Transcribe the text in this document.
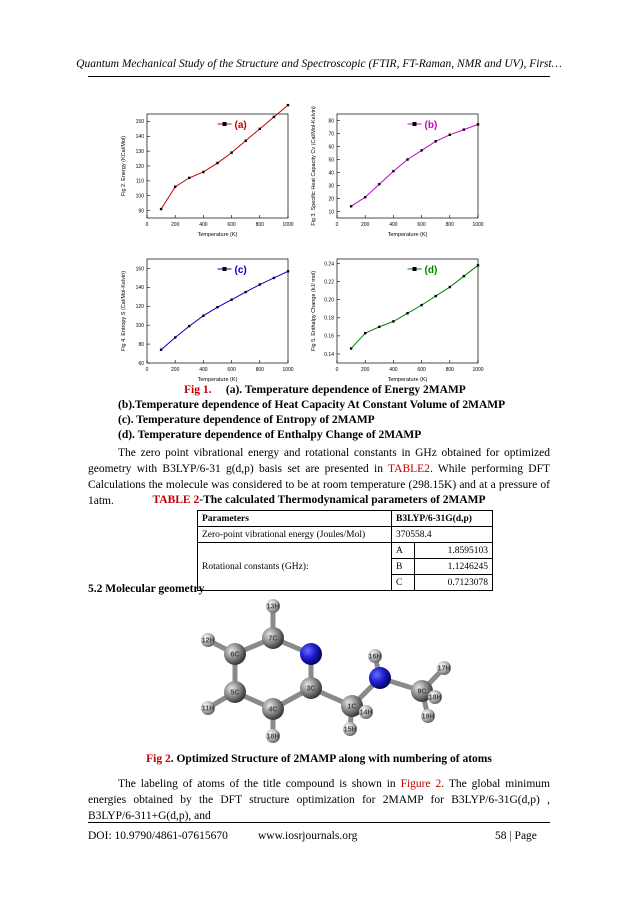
Quantum Mechanical Study of the Structure and Spectroscopic (FTIR, FT-Raman, NMR and UV), First…
0	200	400	600	800	1000
90
100
110
120
130
140
150
Temperature (K)
Fig 2. Energy (KCal/Mol)
(a)
0	200	400	600	800	1000
10
20
30
40
50
60
70
80
Temperature (K)
Fig 3. Specific Heat Capacity Cv (Cal/Mol-Kelvin)	(b)
0	200	400	600	800	1000
60
80
100
120
140
160
Temperature (K)
Fig 4. Entropy S (Cal/Mol-Kelvin)
(c)
0	200	400	600	800	1000
0.14
0.16
0.18
0.20
0.22
0.24
Temperature (K)
Fig 5. Enthalpy Change (kJ/ mol)
(d)
Fig 1. (a). Temperature dependence of Energy 2MAMP
(b).Temperature dependence of Heat Capacity At Constant Volume of 2MAMP
(c). Temperature dependence of Entropy of 2MAMP
(d). Temperature dependence of Enthalpy Change of 2MAMP
The zero point vibrational energy and rotational constants in GHz obtained for optimized geometry with B3LYP/6-31 g(d,p) basis set are presented in TABLE2. While performing DFT Calculations the molecule was considered to be at room temperature (298.15K) and at a pressure of 1atm.	TABLE 2-The calculated Thermodynamical parameters of 2MAMP
Parameters	B3LYP/6-31G(d,p)	
Zero-point vibrational energy (Joules/Mol)	370558.4	
Rotational constants (GHz):	A	1.8595103
	B	1.1246245
	C	0.7123078
5.2 Molecular geometry
13H
7C
12H
6C
5C
3C
4C
11H
18H
1C
15H
14H
16H
9C
17H
18H
19H
Fig 2. Optimized Structure of 2MAMP along with numbering of atoms
The labeling of atoms of the title compound is shown in Figure 2. The global minimum energies obtained by the DFT structure optimization for 2MAMP for B3LYP/6-31G(d,p) , B3LYP/6-311+G(d,p), and
DOI: 10.9790/4861-07615670	www.iosrjournals.org	58 | Page
